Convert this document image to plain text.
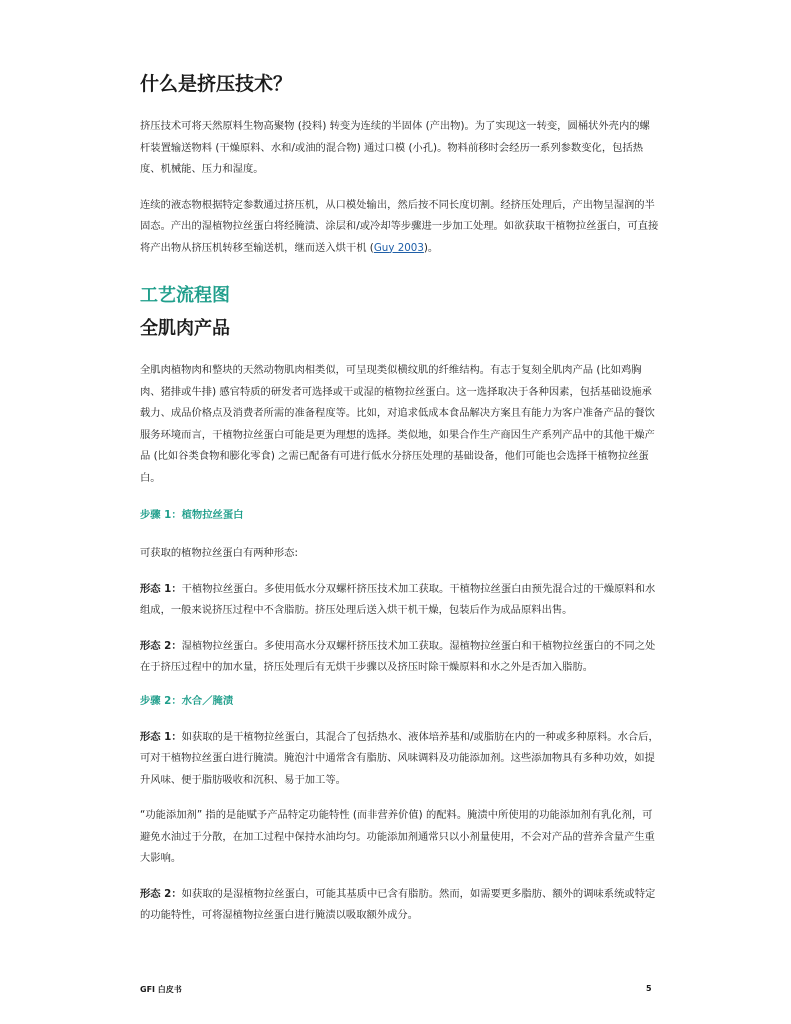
什么是挤压技术？

挤压技术可将天然原料生物高聚物 (投料) 转变为连续的半固体 (产出物)。为了实现这一转变，圆桶状外壳内的螺杆装置输送物料 (干燥原料、水和/或油的混合物) 通过口模 (小孔)。物料前移时会经历一系列参数变化，包括热度、机械能、压力和湿度。

连续的液态物根据特定参数通过挤压机，从口模处输出，然后按不同长度切割。经挤压处理后，产出物呈湿润的半固态。产出的湿植物拉丝蛋白将经腌渍、涂层和/或冷却等步骤进一步加工处理。如欲获取干植物拉丝蛋白，可直接将产出物从挤压机转移至输送机，继而送入烘干机 (Guy 2003)。

工艺流程图
全肌肉产品

全肌肉植物肉和整块的天然动物肌肉相类似，可呈现类似横纹肌的纤维结构。有志于复刻全肌肉产品 (比如鸡胸肉、猪排或牛排) 感官特质的研发者可选择或干或湿的植物拉丝蛋白。这一选择取决于各种因素，包括基础设施承载力、成品价格点及消费者所需的准备程度等。比如，对追求低成本食品解决方案且有能力为客户准备产品的餐饮服务环境而言，干植物拉丝蛋白可能是更为理想的选择。类似地，如果合作生产商因生产系列产品中的其他干燥产品 (比如谷类食物和膨化零食) 之需已配备有可进行低水分挤压处理的基础设备，他们可能也会选择干植物拉丝蛋白。

步骤 1：植物拉丝蛋白

可获取的植物拉丝蛋白有两种形态:

形态 1：干植物拉丝蛋白。多使用低水分双螺杆挤压技术加工获取。干植物拉丝蛋白由预先混合过的干燥原料和水组成，一般来说挤压过程中不含脂肪。挤压处理后送入烘干机干燥，包装后作为成品原料出售。

形态 2：湿植物拉丝蛋白。多使用高水分双螺杆挤压技术加工获取。湿植物拉丝蛋白和干植物拉丝蛋白的不同之处在于挤压过程中的加水量，挤压处理后有无烘干步骤以及挤压时除干燥原料和水之外是否加入脂肪。

步骤 2：水合／腌渍

形态 1：如获取的是干植物拉丝蛋白，其混合了包括热水、液体培养基和/或脂肪在内的一种或多种原料。水合后，可对干植物拉丝蛋白进行腌渍。腌泡汁中通常含有脂肪、风味调料及功能添加剂。这些添加物具有多种功效，如提升风味、便于脂肪吸收和沉积、易于加工等。

“功能添加剂” 指的是能赋予产品特定功能特性 (而非营养价值) 的配料。腌渍中所使用的功能添加剂有乳化剂，可避免水油过于分散，在加工过程中保持水油均匀。功能添加剂通常只以小剂量使用，不会对产品的营养含量产生重大影响。

形态 2：如获取的是湿植物拉丝蛋白，可能其基质中已含有脂肪。然而，如需要更多脂肪、额外的调味系统或特定的功能特性，可将湿植物拉丝蛋白进行腌渍以吸取额外成分。

GFI 白皮书	5
